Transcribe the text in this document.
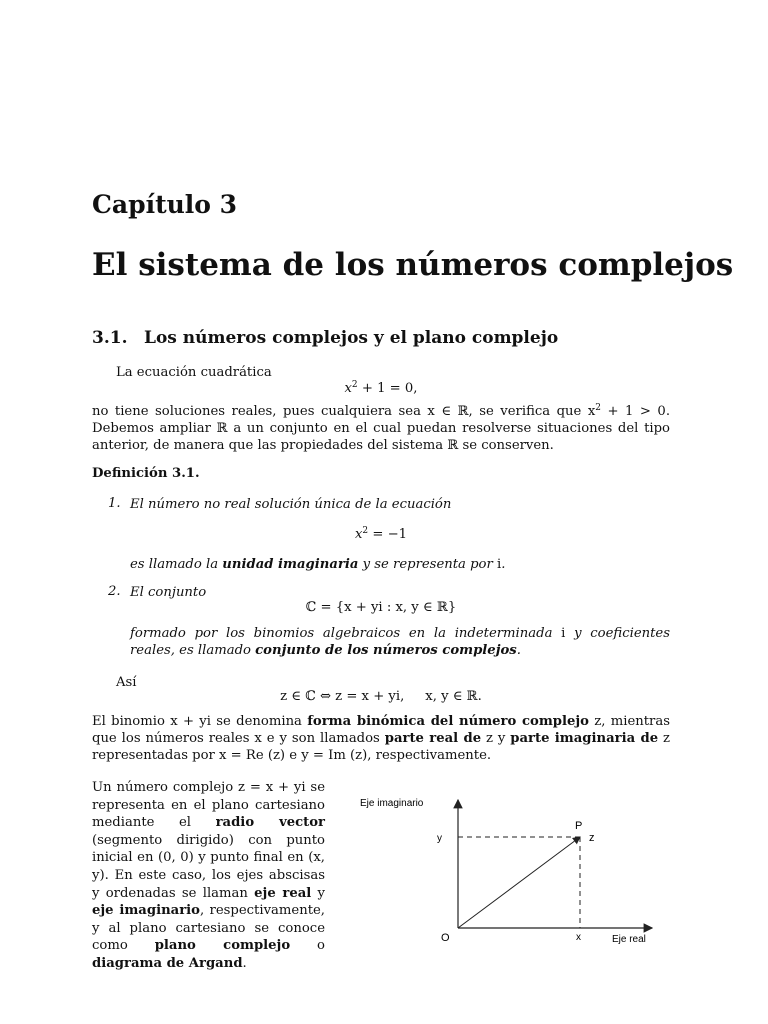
Capítulo 3
El sistema de los números complejos
3.1. Los números complejos y el plano complejo
La ecuación cuadrática
$x^2 + 1 = 0$,
no tiene soluciones reales, pues cualquiera sea x ∈ ℝ, se verifica que $x^2 + 1 > 0$. Debemos ampliar ℝ a un conjunto en el cual puedan resolverse situaciones del tipo anterior, de manera que las propiedades del sistema ℝ se conserven.
Definición 3.1.
1. El número no real solución única de la ecuación
$x^2 = -1$
es llamado la unidad imaginaria y se representa por i.
2. El conjunto
ℂ = {x + yi : x, y ∈ ℝ}
formado por los binomios algebraicos en la indeterminada i y coeficientes reales, es llamado conjunto de los números complejos.
Así
z ∈ ℂ ⇔ z = x + yi,     x, y ∈ ℝ.
El binomio x + yi se denomina forma binómica del número complejo z, mientras que los números reales x e y son llamados parte real de z y parte imaginaria de z representadas por x = Re (z) e y = Im (z), respectivamente.
Un número complejo z = x + yi se representa en el plano cartesiano mediante el radio vector (segmento dirigido) con punto inicial en (0, 0) y punto final en (x, y). En este caso, los ejes abscisas y ordenadas se llaman eje real y eje imaginario, respectivamente, y al plano cartesiano se conoce como plano complejo o diagrama de Argand.
Eje imaginario
Eje real
O	x
y
P
z
